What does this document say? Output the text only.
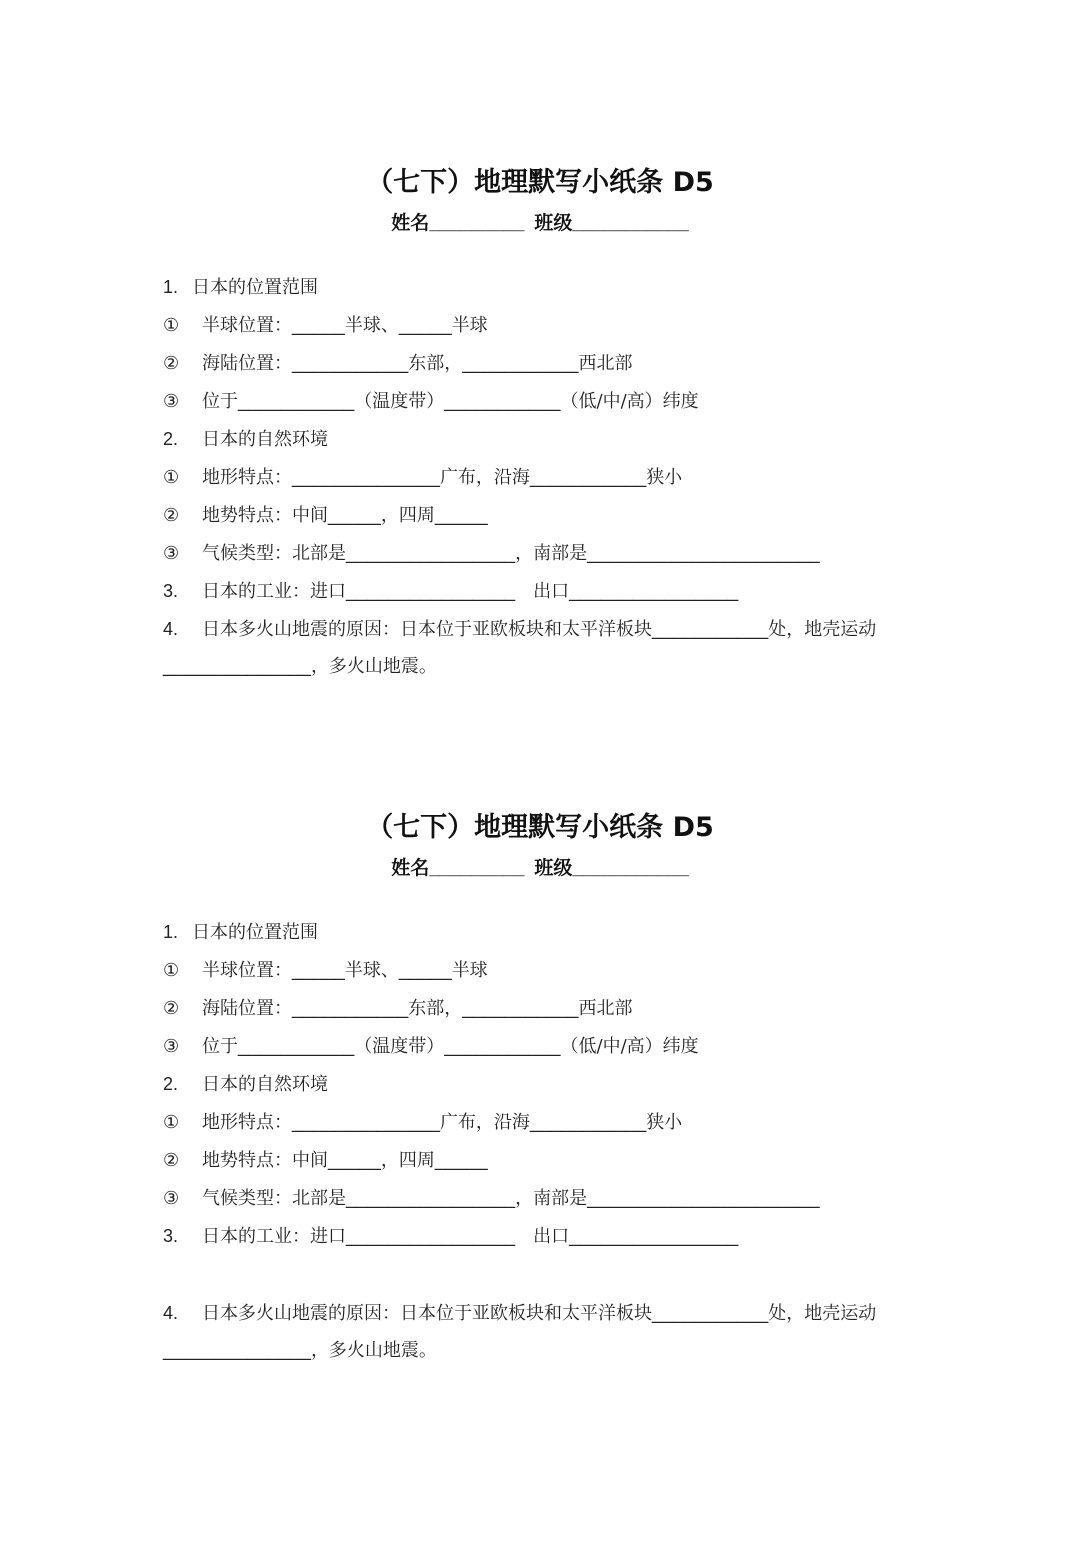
（七下）地理默写小纸条 D5
姓名_________ 班级___________
1. 日本的位置范围
① 半球位置：_____半球、_____半球
② 海陆位置：___________东部，___________西北部
③ 位于___________（温度带）___________（低/中/高）纬度
2. 日本的自然环境
① 地形特点：______________广布，沿海___________狭小
② 地势特点：中间_____，四周_____
③ 气候类型：北部是________________，南部是______________________
3. 日本的工业：进口________________　出口________________
4. 日本多火山地震的原因：日本位于亚欧板块和太平洋板块___________处，地壳运动
______________，多火山地震。
（七下）地理默写小纸条 D5
姓名_________ 班级___________
1. 日本的位置范围
① 半球位置：_____半球、_____半球
② 海陆位置：___________东部，___________西北部
③ 位于___________（温度带）___________（低/中/高）纬度
2. 日本的自然环境
① 地形特点：______________广布，沿海___________狭小
② 地势特点：中间_____，四周_____
③ 气候类型：北部是________________，南部是______________________
3. 日本的工业：进口________________　出口________________
4. 日本多火山地震的原因：日本位于亚欧板块和太平洋板块___________处，地壳运动
______________，多火山地震。
